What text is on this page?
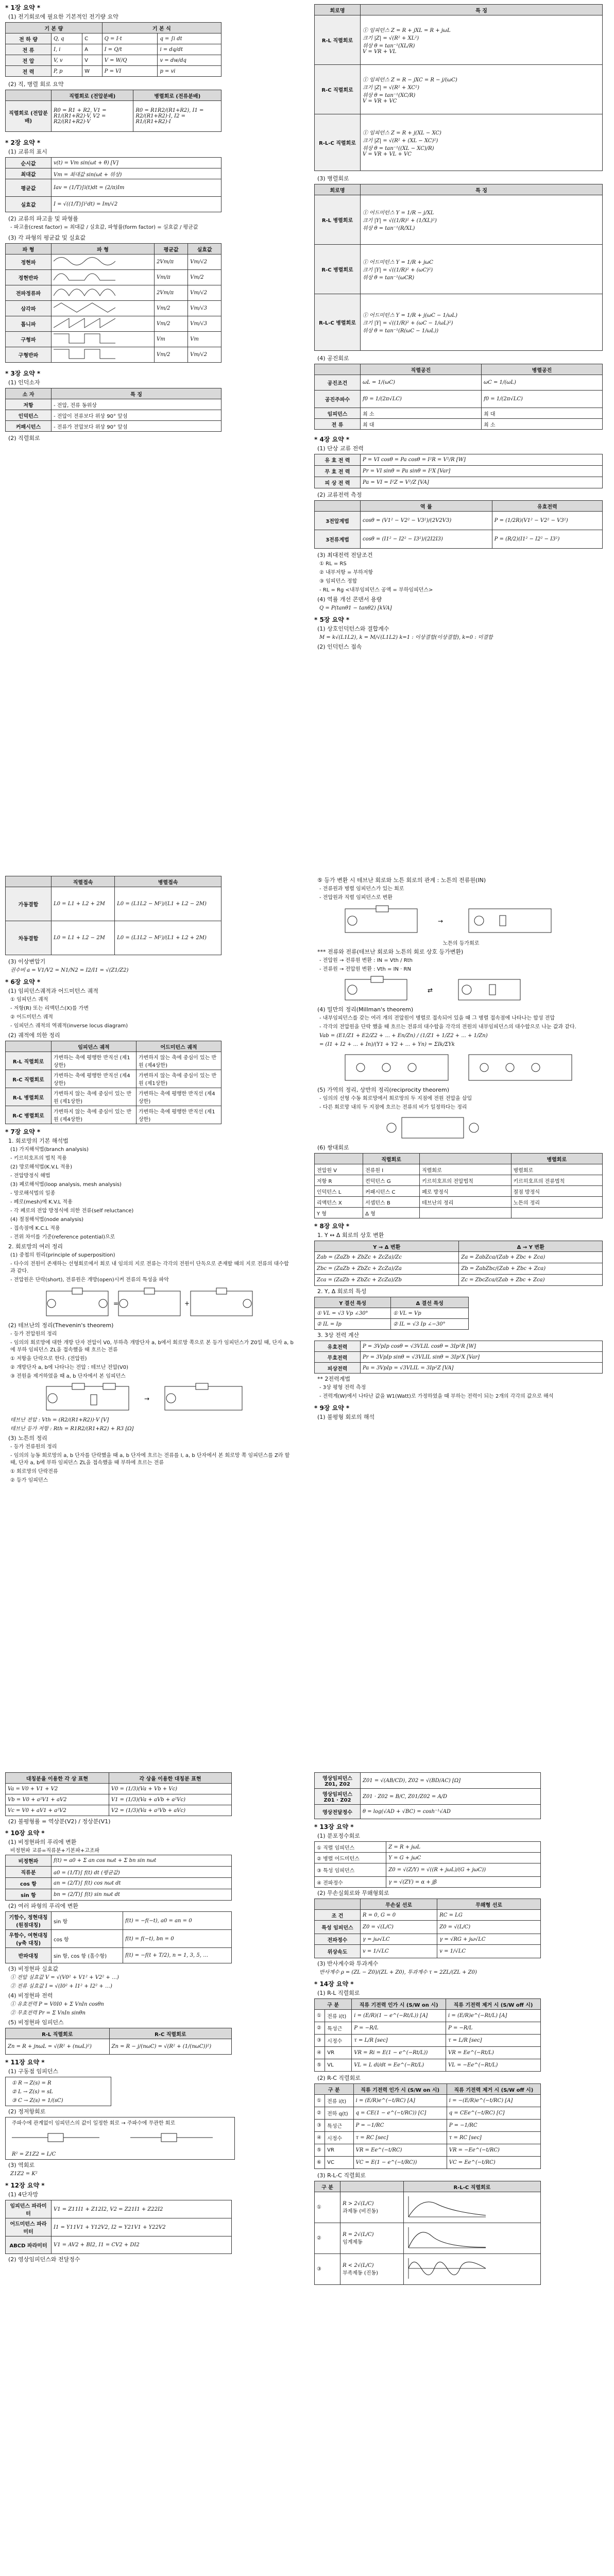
* 1장 요약 *
(1) 전기회로에 필요한 기본적인 전기량 요약
기 본 량			기 본 식	
전 하 량	Q, q	C	Q = I·t	q = ∫i dt
전 류	I, i	A	I = Q/t	i = dq/dt
전 압	V, v	V	V = W/Q	v = dw/dq
전 력	P, p	W	P = VI	p = vi
(2) 직, 병렬 회로 요약
	직렬회로 (전압분배)	병렬회로 (전류분배)
직렬회로 (전압분배)	R0 = R1 + R2, V1 = R1/(R1+R2)·V, V2 = R2/(R1+R2)·V	R0 = R1R2/(R1+R2), I1 = R2/(R1+R2)·I, I2 = R1/(R1+R2)·I
* 2장 요약 *
(1) 교류의 표시
순시값	v(t) = Vm sin(ωt + θ) [V]
최대값	Vm = 최대값 sin(ωt + 위상)
평균값	Iav = (1/T)∫i(t)dt = (2/π)Im
실효값	I = √((1/T)∫i²dt) = Im/√2
(2) 교류의 파고율 및 파형률
- 파고율(crest factor) = 최대값 / 실효값, 파형률(form factor) = 실효값 / 평균값
(3) 각 파형의 평균값 및 실효값
파 형	파 형	평균값	실효값
정현파		2Vm/π	Vm/√2
정현반파		Vm/π	Vm/2
전파정류파		2Vm/π	Vm/√2
삼각파		Vm/2	Vm/√3
톱니파		Vm/2	Vm/√3
구형파		Vm	Vm
구형반파		Vm/2	Vm/√2
* 3장 요약 *
(1) 인덕소자
소 자	특 징
저항	- 전압, 전류 동위상
인덕턴스	- 전압이 전류보다 위상 90° 앞섬
커패시턴스	- 전류가 전압보다 위상 90° 앞섬
(2) 직렬회로
회로명	특 징
R-L 직렬회로	① 임피던스 Z = R + jXL = R + jωL
크기 |Z| = √(R² + XL²)
위상 θ = tan⁻¹(XL/R)
V = VR + VL

R-C 직렬회로	① 임피던스 Z = R − jXC = R − j/(ωC)
크기 |Z| = √(R² + XC²)
위상 θ = tan⁻¹(XC/R)
V = VR + VC

R-L-C 직렬회로	① 임피던스 Z = R + j(XL − XC)
크기 |Z| = √(R² + (XL − XC)²)
위상 θ = tan⁻¹((XL − XC)/R)
V = VR + VL + VC
(3) 병렬회로
회로명	특 징
R-L 병렬회로	① 어드미턴스 Y = 1/R − j/XL
크기 |Y| = √((1/R)² + (1/XL)²)
위상 θ = tan⁻¹(R/XL)

R-C 병렬회로	① 어드미턴스 Y = 1/R + jωC
크기 |Y| = √((1/R)² + (ωC)²)
위상 θ = tan⁻¹(ωCR)

R-L-C 병렬회로	① 어드미턴스 Y = 1/R + j(ωC − 1/ωL)
크기 |Y| = √((1/R)² + (ωC − 1/ωL)²)
위상 θ = tan⁻¹(R(ωC − 1/ωL))
(4) 공진회로
	직렬공진	병렬공진
공진조건	ωL = 1/(ωC)	ωC = 1/(ωL)
공진주파수	f0 = 1/(2π√LC)	f0 = 1/(2π√LC)
임피던스	최 소	최 대
전 류	최 대	최 소
* 4장 요약 *
(1) 단상 교류 전력
유 효 전 력	P = VI cosθ = Pa cosθ = I²R = V²/R [W]
무 효 전 력	Pr = VI sinθ = Pa sinθ = I²X [Var]
피 상 전 력	Pa = VI = I²Z = V²/Z [VA]
(2) 교류전력 측정
	역 률	유효전력
3전압계법	cosθ = (V1² − V2² − V3²)/(2V2V3)	P = (1/2R)(V1² − V2² − V3²)
3전류계법	cosθ = (I1² − I2² − I3²)/(2I2I3)	P = (R/2)(I1² − I2² − I3²)
(3) 최대전력 전달조건
① RL = RS
② 내부저항 = 부하저항
③ 임피던스 정합
- RL = Rg <내부임피던스 공액 = 부하임피던스>
(4) 역률 개선 콘덴서 용량
Q = P(tanθ1 − tanθ2) [kVA]
* 5장 요약 *
(1) 상호인덕턴스와 결합계수
M = k√(L1L2), k = M/√(L1L2) k=1 : 이상결합(이상결합), k=0 : 미결합
(2) 인덕턴스 접속
	직렬접속	병렬접속
가동결합	L0 = L1 + L2 + 2M	L0 = (L1L2 − M²)/(L1 + L2 − 2M)
차동결합	L0 = L1 + L2 − 2M	L0 = (L1L2 − M²)/(L1 + L2 + 2M)
(3) 이상변압기
권수비 a = V1/V2 = N1/N2 = I2/I1 = √(Z1/Z2)
* 6장 요약 *
(1) 임피던스궤적과 어드미턴스 궤적
① 임피던스 궤적
- 저항(R) 또는 리액턴스(X)를 가변
② 어드미턴스 궤적
- 임피던스 궤적의 역궤적(inverse locus diagram)
(2) 궤적에 의한 정리
	임피던스 궤적	어드미턴스 궤적
R-L 직렬회로	가변하는 축에 평행한 반직선 (제1상한)	가변하지 않는 축에 중심이 있는 반원 (제4상한)
R-C 직렬회로	가변하는 축에 평행한 반직선 (제4상한)	가변하지 않는 축에 중심이 있는 반원 (제1상한)
R-L 병렬회로	가변하지 않는 축에 중심이 있는 반원 (제1상한)	가변하는 축에 평행한 반직선 (제4상한)
R-C 병렬회로	가변하지 않는 축에 중심이 있는 반원 (제4상한)	가변하는 축에 평행한 반직선 (제1상한)
* 7장 요약 *
1. 회로망의 기본 해석법
(1) 가지해석법(branch analysis)
- 키르히호프의 법칙 적용
(2) 망로해석법(K.V.L 적용)
- 전압방정식 해법
(3) 폐로해석법(loop analysis, mesh analysis)
- 망로해석법의 일종
- 폐로(mesh)에 K.V.L 적용
- 각 폐로의 전압 방정식에 의한 전류(self reluctance)
(4) 절점해석법(node analysis)
- 접속점에 K.C.L 적용
- 전위 차이를 기준(reference potential)으로
2. 회로망의 여러 정리
(1) 중첩의 원리(principle of superposition)
- 다수의 전원이 존재하는 선형회로에서 회로 내 임의의 지로 전류는 각각의 전원이 단독으로 존재할 때의 지로 전류의 대수합과 같다.
- 전압원은 단락(short), 전류원은 개방(open)시켜 전류의 특성을 파악
=	+
(2) 테브난의 정리(Thevenin's theorem)
- 등가 전압원의 정리
- 임의의 회로망에 대한 개방 단자 전압이 V0, 부하측 개방단자 a, b에서 회로망 쪽으로 본 등가 임피던스가 Z0일 때, 단자 a, b에 부하 임피던스 ZL을 접속했을 때 흐르는 전류
① 저항을 단락으로 한다. (전압원)
② 개방단자 a, b에 나타나는 전압 : 테브난 전압(V0)
③ 전원을 제거하였을 때 a, b 단자에서 본 임피던스
→
테브난 전압 : Vth = (R2/(R1+R2))·V [V]
테브난 등가 저항 : Rth = R1R2/(R1+R2) + R3 [Ω]
(3) 노튼의 정리
- 등가 전류원의 정리
- 임의의 능동 회로망의 a, b 단자를 단락했을 때 a, b 단자에 흐르는 전류를 I, a, b 단자에서 본 회로망 쪽 임피던스를 Z라 할 때, 단자 a, b에 부하 임피던스 ZL을 접속했을 때 부하에 흐르는 전류
① 회로망의 단락전류
② 등가 임피던스
⑤ 등가 변환 시 테브난 회로와 노튼 회로의 관계 : 노튼의 전류원(IN)
- 전류원과 병렬 임피던스가 있는 회로
- 전압원과 직렬 임피던스로 변환
→
노튼의 등가회로
*** 전류와 전류(테브난 회로와 노튼의 회로 상호 등가변환)
- 전압원 → 전류원 변환 : IN = Vth / Rth
- 전류원 → 전압원 변환 : Vth = IN · RN
⇄
(4) 밀만의 정리(Millman's theorem)
- 내부임피던스를 갖는 여러 개의 전압원이 병렬로 접속되어 있을 때 그 병렬 접속점에 나타나는 합성 전압
- 각각의 전압원을 단락 했을 때 흐르는 전류의 대수합을 각각의 전원의 내부임피던스의 대수합으로 나눈 값과 같다.
Vab = (E1/Z1 + E2/Z2 + ... + En/Zn) / (1/Z1 + 1/Z2 + ... + 1/Zn)
= (I1 + I2 + ... + In)/(Y1 + Y2 + ... + Yn) = ΣIk/ΣYk
(5) 가역의 정리, 상반의 정리(reciprocity theorem)
- 임의의 선형 수동 회로망에서 회로망의 두 지점에 전원 전압을 삽입
- 다른 회로망 내의 두 지점에 흐르는 전류의 비가 일정하다는 정리
(6) 쌍대회로
	직렬회로		병렬회로
전압원 V	전류원 I	직렬회로	병렬회로
저항 R	컨덕턴스 G	키르히호프의 전압법칙	키르히호프의 전류법칙
인덕턴스 L	커패시턴스 C	폐로 방정식	절점 방정식
리액턴스 X	서셉턴스 B	테브난의 정리	노튼의 정리
Y 형	Δ 형		
* 8장 요약 *
1. Y ↔ Δ 회로의 상호 변환
Y → Δ 변환	Δ → Y 변환
Zab = (ZaZb + ZbZc + ZcZa)/Zc	Za = ZabZca/(Zab + Zbc + Zca)
Zbc = (ZaZb + ZbZc + ZcZa)/Za	Zb = ZabZbc/(Zab + Zbc + Zca)
Zca = (ZaZb + ZbZc + ZcZa)/Zb	Zc = ZbcZca/(Zab + Zbc + Zca)
2. Y, Δ 회로의 특성
Y 결선 특성	Δ 결선 특성
① VL = √3 Vp ∠30°	① VL = Vp
② IL = Ip	② IL = √3 Ip ∠−30°
3. 3상 전력 계산
유효전력	P = 3VpIp cosθ = √3VLIL cosθ = 3Ip²R [W]
무효전력	Pr = 3VpIp sinθ = √3VLIL sinθ = 3Ip²X [Var]
피상전력	Pa = 3VpIp = √3VLIL = 3Ip²Z [VA]
** 2전력계법
- 3상 평형 전력 측정
- 전력계(W)에서 나타난 값을 W1(Watt)로 가정하였을 때 부하는 전력이 되는 2개의 각각의 값으로 해석
* 9장 요약 *
(1) 불평형 회로의 해석
대칭분을 이용한 각 상 표현	각 상을 이용한 대칭분 표현
Va = V0 + V1 + V2	V0 = (1/3)(Va + Vb + Vc)
Vb = V0 + a²V1 + aV2	V1 = (1/3)(Va + aVb + a²Vc)
Vc = V0 + aV1 + a²V2	V2 = (1/3)(Va + a²Vb + aVc)
(2) 불평형률 = 역상분(V2) / 정상분(V1)
* 10장 요약 *
(1) 비정현파의 푸리에 변환
비정현파 교류=직류분+기본파+고조파
비정현파	f(t) = a0 + Σ an cos nωt + Σ bn sin nωt
직류분	a0 = (1/T)∫ f(t) dt (평균값)
cos 항	an = (2/T)∫ f(t) cos nωt dt
sin 항	bn = (2/T)∫ f(t) sin nωt dt
(2) 여러 파형의 푸리에 변환
기함수, 정현대칭 (원점대칭)	sin 항	f(t) = −f(−t), a0 = an = 0
우함수, 여현대칭 (y축 대칭)	cos 항	f(t) = f(−t), bn = 0
반파대칭	sin 항, cos 항 (홀수항)	f(t) = −f(t + T/2), n = 1, 3, 5, …
(3) 비정현파 실효값
① 전압 실효값 V = √(V0² + V1² + V2² + …)
② 전류 실효값 I = √(I0² + I1² + I2² + …)
(4) 비정현파 전력
① 유효전력 P = V0I0 + Σ VnIn cosθn
② 무효전력 Pr = Σ VnIn sinθn
(5) 비정현파 임피던스
R-L 직렬회로	R-C 직렬회로
Zn = R + jnωL = √(R² + (nωL)²)	Zn = R − j/(nωC) = √(R² + (1/(nωC))²)
* 11장 요약 *
(1) 구동점 임피던스
① R → Z(s) = R
② L → Z(s) = sL
③ C → Z(s) = 1/(sC)
(2) 정저항회로
주파수에 관계없이 임피던스의 값이 일정한 회로 → 주파수에 무관한 회로
R² = Z1Z2 = L/C
(3) 역회로
Z1Z2 = K²
* 12장 요약 *
(1) 4단자망
임피던스 파라미터	V1 = Z11I1 + Z12I2, V2 = Z21I1 + Z22I2
어드미턴스 파라미터	I1 = Y11V1 + Y12V2, I2 = Y21V1 + Y22V2
ABCD 파라미터	V1 = AV2 + BI2, I1 = CV2 + DI2
(2) 영상임피던스와 전달정수
영상임피던스 Z01, Z02	Z01 = √(AB/CD), Z02 = √(BD/AC) [Ω]
영상임피던스 Z01 · Z02	Z01 · Z02 = B/C, Z01/Z02 = A/D
영상전달정수	θ = log(√AD + √BC) = cosh⁻¹√AD
* 13장 요약 *
(1) 분포정수회로
① 직렬 임피던스	Z = R + jωL
② 병렬 어드미턴스	Y = G + jωC
③ 특성 임피던스	Z0 = √(Z/Y) = √((R + jωL)/(G + jωC))
④ 전파정수	γ = √(ZY) = α + jβ
(2) 무손실회로와 무왜형회로
	무손실 선로	무왜형 선로
조 건	R = 0, G = 0	RC = LG
특성 임피던스	Z0 = √(L/C)	Z0 = √(L/C)
전파정수	γ = jω√LC	γ = √RG + jω√LC
위상속도	v = 1/√LC	v = 1/√LC
(3) 반사계수와 투과계수
반사계수 ρ = (ZL − Z0)/(ZL + Z0), 투과계수 τ = 2ZL/(ZL + Z0)
* 14장 요약 *
(1) R-L 직렬회로
구 분		직류 기전력 인가 시 (S/W on 시)	직류 기전력 제거 시 (S/W off 시)
①	전류 i(t)	i = (E/R)(1 − e^(−Rt/L)) [A]	i = (E/R)e^(−Rt/L) [A]
②	특성근	P = −R/L	P = −R/L
③	시정수	τ = L/R [sec]	τ = L/R [sec]
④	VR	VR = Ri = E(1 − e^(−Rt/L))	VR = Ee^(−Rt/L)
⑤	VL	VL = L di/dt = Ee^(−Rt/L)	VL = −Ee^(−Rt/L)
(2) R-C 직렬회로
구 분		직류 기전력 인가 시 (S/W on 시)	직류 기전력 제거 시 (S/W off 시)
①	전류 i(t)	i = (E/R)e^(−t/RC) [A]	i = −(E/R)e^(−t/RC) [A]
②	전하 q(t)	q = CE(1 − e^(−t/RC)) [C]	q = CEe^(−t/RC) [C]
③	특성근	P = −1/RC	P = −1/RC
④	시정수	τ = RC [sec]	τ = RC [sec]
⑤	VR	VR = Ee^(−t/RC)	VR = −Ee^(−t/RC)
⑥	VC	VC = E(1 − e^(−t/RC))	VC = Ee^(−t/RC)
(3) R-L-C 직렬회로
구 분		R-L-C 직렬회로
①	R > 2√(L/C)
과제동 (비진동)

②	R = 2√(L/C)
임계제동

③	R < 2√(L/C)
부족제동 (진동)
